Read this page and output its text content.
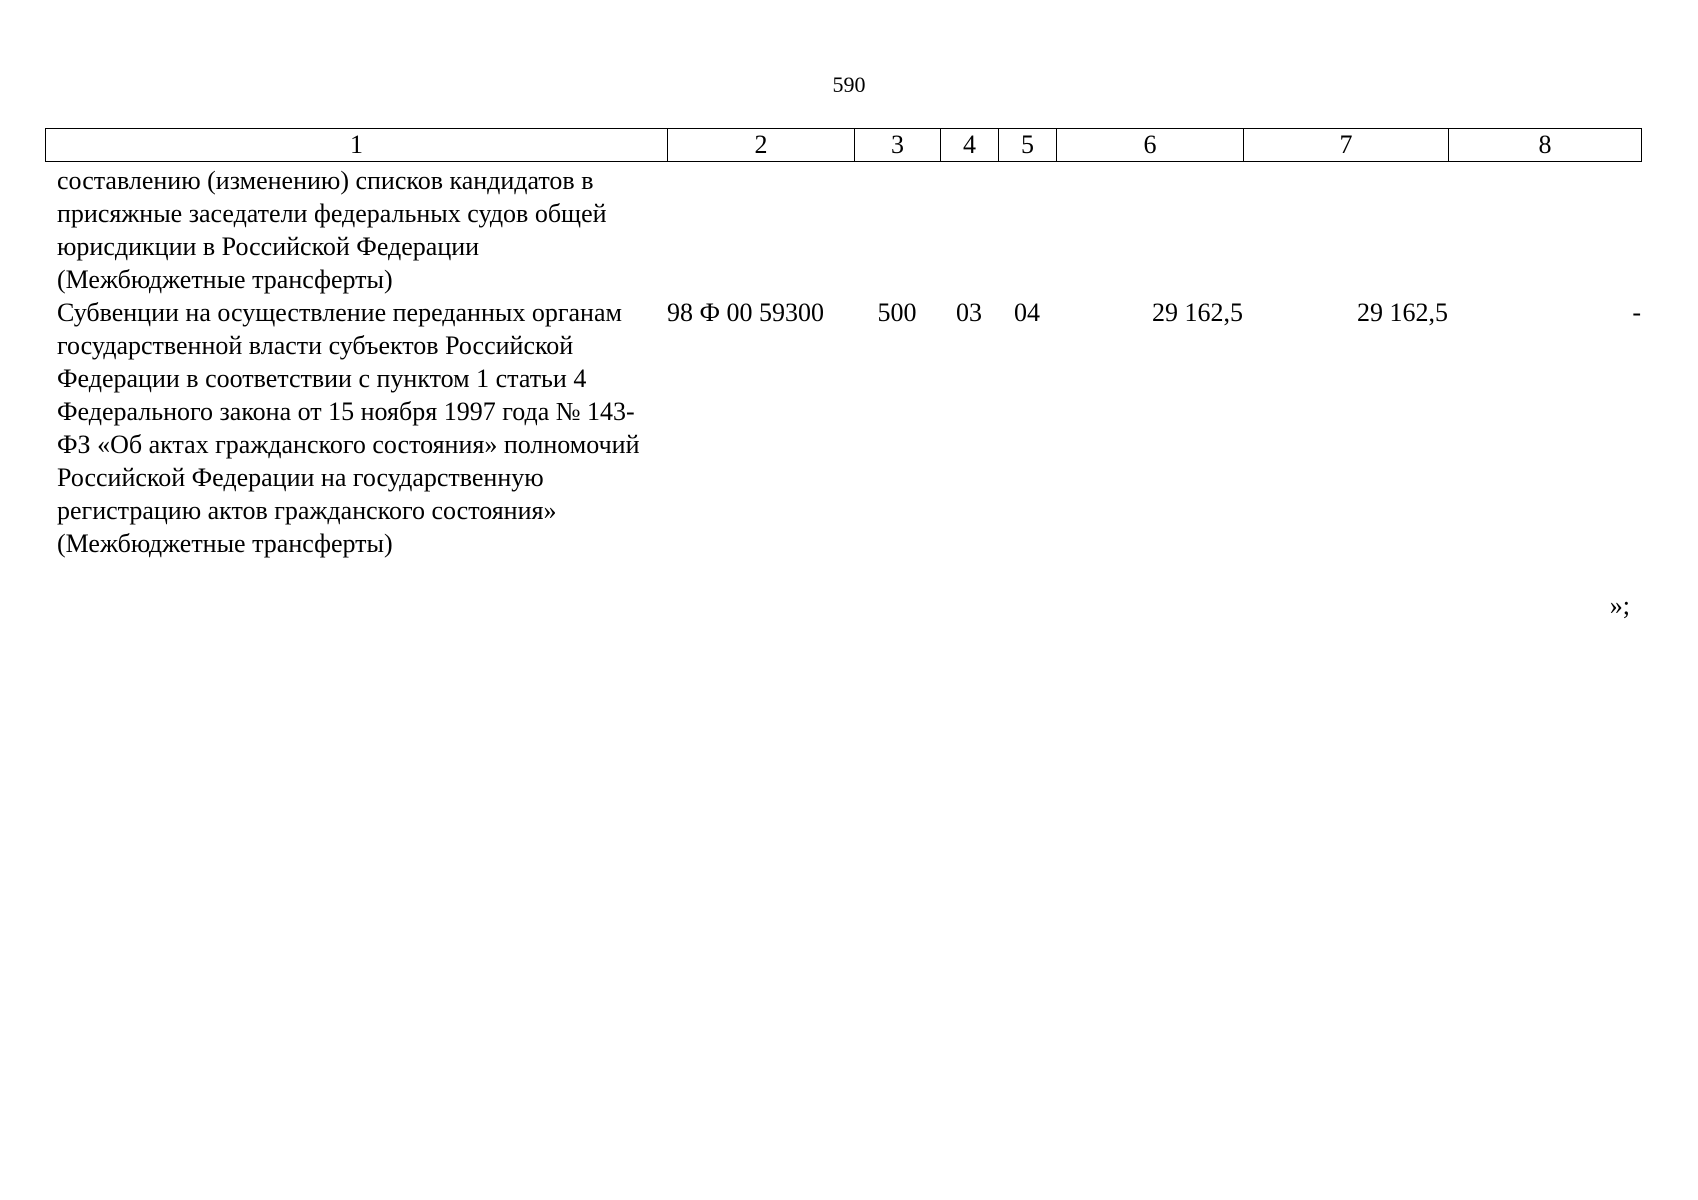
590
1	2	3	4	5	6	7	8
составлению (изменению) списков кандидатов в присяжные заседатели федеральных судов общей юрисдикции в Российской Федерации (Межбюджетные трансферты)							
Субвенции на осуществление переданных органам государственной власти субъектов Российской Федерации в соответствии с пунктом 1 статьи 4 Федерального закона от 15 ноября 1997 года № 143-ФЗ «Об актах гражданского состояния» полномочий Российской Федерации на государственную регистрацию актов гражданского состояния» (Межбюджетные трансферты)	98 Ф 00 59300	500	03	04	29 162,5	29 162,5	-
»;
